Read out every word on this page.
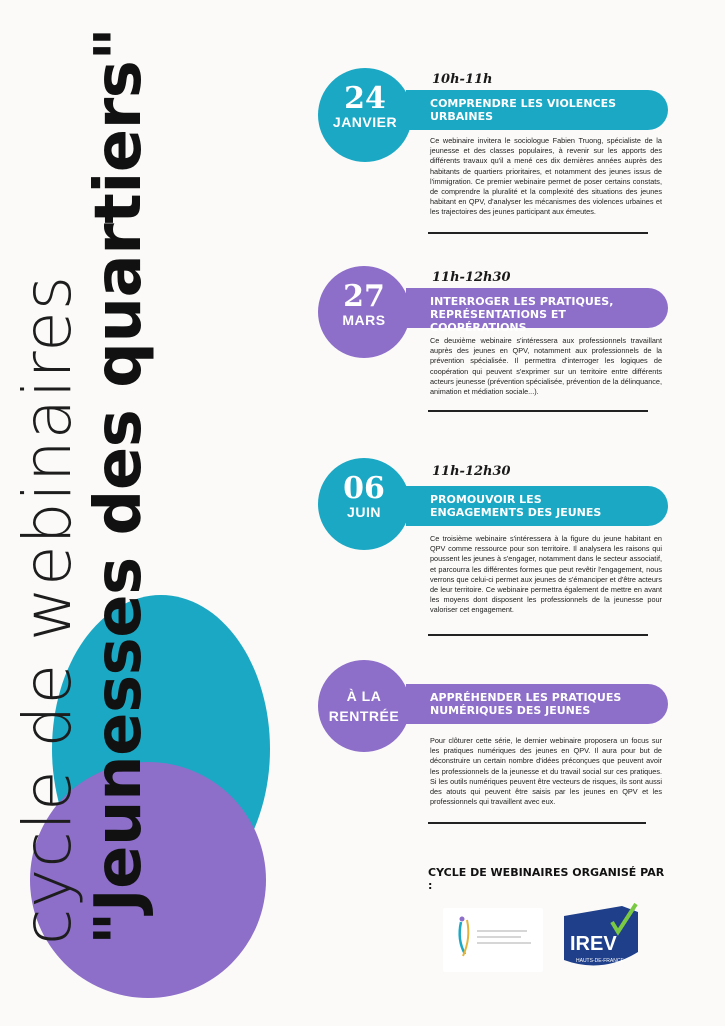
cycle de webinaires
"Jeunesses des quartiers"	COMPRENDRE LES VIOLENCES
URBAINES
24
JANVIER
10h-11h
Ce webinaire invitera le sociologue Fabien Truong, spécialiste de la jeunesse et des classes populaires, à revenir sur les apports des différents travaux qu'il a mené ces dix dernières années auprès des habitants de quartiers prioritaires, et notamment des jeunes issus de l'immigration. Ce premier webinaire permet de poser certains constats, de comprendre la pluralité et la complexité des situations des jeunes habitant en QPV, d'analyser les mécanismes des violences urbaines et les trajectoires des jeunes participant aux émeutes.
INTERROGER LES PRATIQUES,
REPRÉSENTATIONS ET COOPÉRATIONS
27
MARS
11h-12h30
Ce deuxième webinaire s'intéressera aux professionnels travaillant auprès des jeunes en QPV, notamment aux professionnels de la prévention spécialisée. Il permettra d'interroger les logiques de coopération qui peuvent s'exprimer sur un territoire entre différents acteurs jeunesse (prévention spécialisée, prévention de la délinquance, animation et médiation sociale...).
PROMOUVOIR LES
ENGAGEMENTS DES JEUNES
06
JUIN
11h-12h30
Ce troisième webinaire s'intéressera à la figure du jeune habitant en QPV comme ressource pour son territoire. Il analysera les raisons qui poussent les jeunes à s'engager, notamment dans le secteur associatif, et parcourra les différentes formes que peut revêtir l'engagement, nous verrons que celui-ci permet aux jeunes de s'émanciper et d'être acteurs de leur territoire. Ce webinaire permettra également de mettre en avant les moyens dont disposent les professionnels de la jeunesse pour valoriser cet engagement.
APPRÉHENDER LES PRATIQUES
NUMÉRIQUES DES JEUNES
À LA
RENTRÉE
Pour clôturer cette série, le dernier webinaire proposera un focus sur les pratiques numériques des jeunes en QPV. Il aura pour but de déconstruire un certain nombre d'idées préconçues que peuvent avoir les professionnels de la jeunesse et du travail social sur ces pratiques. Si les outils numériques peuvent être vecteurs de risques, ils sont aussi des atouts qui peuvent être saisis par les jeunes en QPV et les professionnels qui travaillent avec eux.
CYCLE DE WEBINAIRES ORGANISÉ PAR :
IREV
HAUTS-DE-FRANCE
